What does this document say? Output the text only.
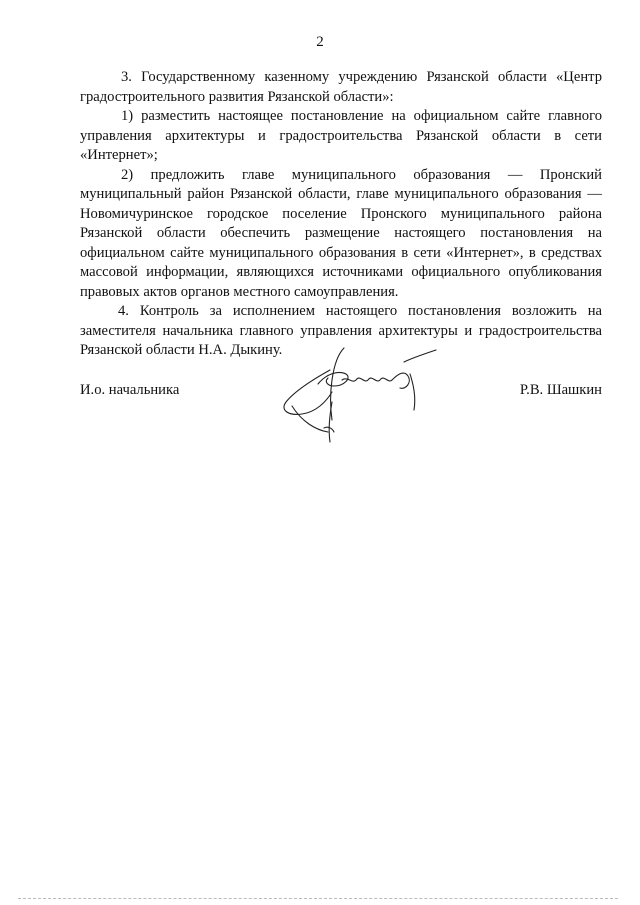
2

3. Государственному казенному учреждению Рязанской области «Центр градостроительного развития Рязанской области»:

1) разместить настоящее постановление на официальном сайте главного управления архитектуры и градостроительства Рязанской области в сети «Интернет»;

2) предложить главе муниципального образования — Пронский муниципальный район Рязанской области, главе муниципального образования — Новомичуринское городское поселение Пронского муниципального района Рязанской области обеспечить размещение настоящего постановления на официальном сайте муниципального образования в сети «Интернет», в средствах массовой информации, являющихся источниками официального опубликования правовых актов органов местного самоуправления.

4. Контроль за исполнением настоящего постановления возложить на заместителя начальника главного управления архитектуры и градостроительства Рязанской области Н.А. Дыкину.

И.о. начальника	Р.В. Шашкин
